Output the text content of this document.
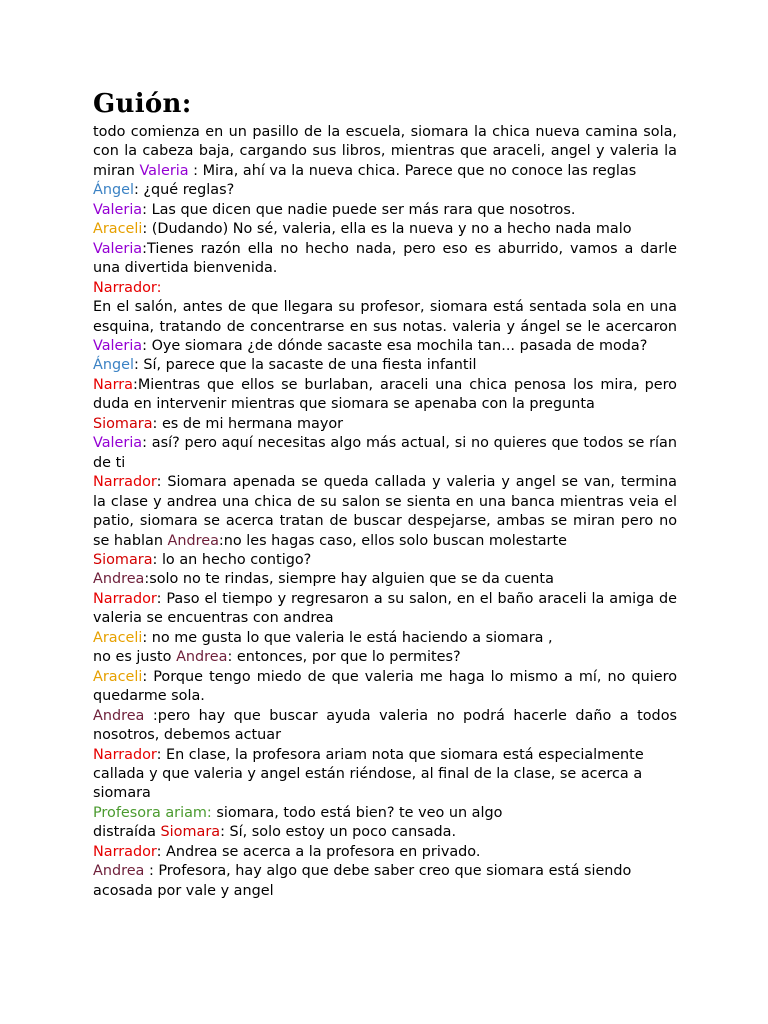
Guión:

todo comienza en un pasillo de la escuela, siomara la chica nueva camina sola, con la cabeza baja, cargando sus libros, mientras que araceli, angel y valeria la miran Valeria : Mira, ahí va la nueva chica. Parece que no conoce las reglas

Ángel: ¿qué reglas?

Valeria: Las que dicen que nadie puede ser más rara que nosotros.

Araceli: (Dudando) No sé, valeria, ella es la nueva y no a hecho nada malo

Valeria:Tienes razón ella no hecho nada, pero eso es aburrido, vamos a darle una divertida bienvenida.

Narrador:

En el salón, antes de que llegara su profesor, siomara está sentada sola en una esquina, tratando de concentrarse en sus notas. valeria y ángel se le acercaron Valeria: Oye siomara ¿de dónde sacaste esa mochila tan... pasada de moda?

Ángel: Sí, parece que la sacaste de una fiesta infantil

Narra:Mientras que ellos se burlaban, araceli una chica penosa los mira, pero duda en intervenir mientras que siomara se apenaba con la pregunta

Siomara: es de mi hermana mayor

Valeria: así? pero aquí necesitas algo más actual, si no quieres que todos se rían de ti

Narrador: Siomara apenada se queda callada y valeria y angel se van, termina la clase y andrea una chica de su salon se sienta en una banca mientras veia el patio, siomara se acerca tratan de buscar despejarse, ambas se miran pero no se hablan Andrea:no les hagas caso, ellos solo buscan molestarte

Siomara: lo an hecho contigo?

Andrea:solo no te rindas, siempre hay alguien que se da cuenta

Narrador: Paso el tiempo y regresaron a su salon, en el baño araceli la amiga de valeria se encuentras con andrea

Araceli: no me gusta lo que valeria le está haciendo a siomara ,
no es justo Andrea: entonces, por que lo permites?

Araceli: Porque tengo miedo de que valeria me haga lo mismo a mí, no quiero quedarme sola.

Andrea :pero hay que buscar ayuda valeria no podrá hacerle daño a todos nosotros, debemos actuar

Narrador: En clase, la profesora ariam nota que siomara está especialmente callada y que valeria y angel están riéndose, al final de la clase, se acerca a siomara

Profesora ariam: siomara, todo está bien? te veo un algo
distraída Siomara: Sí, solo estoy un poco cansada.

Narrador: Andrea se acerca a la profesora en privado.

Andrea : Profesora, hay algo que debe saber creo que siomara está siendo acosada por vale y angel
